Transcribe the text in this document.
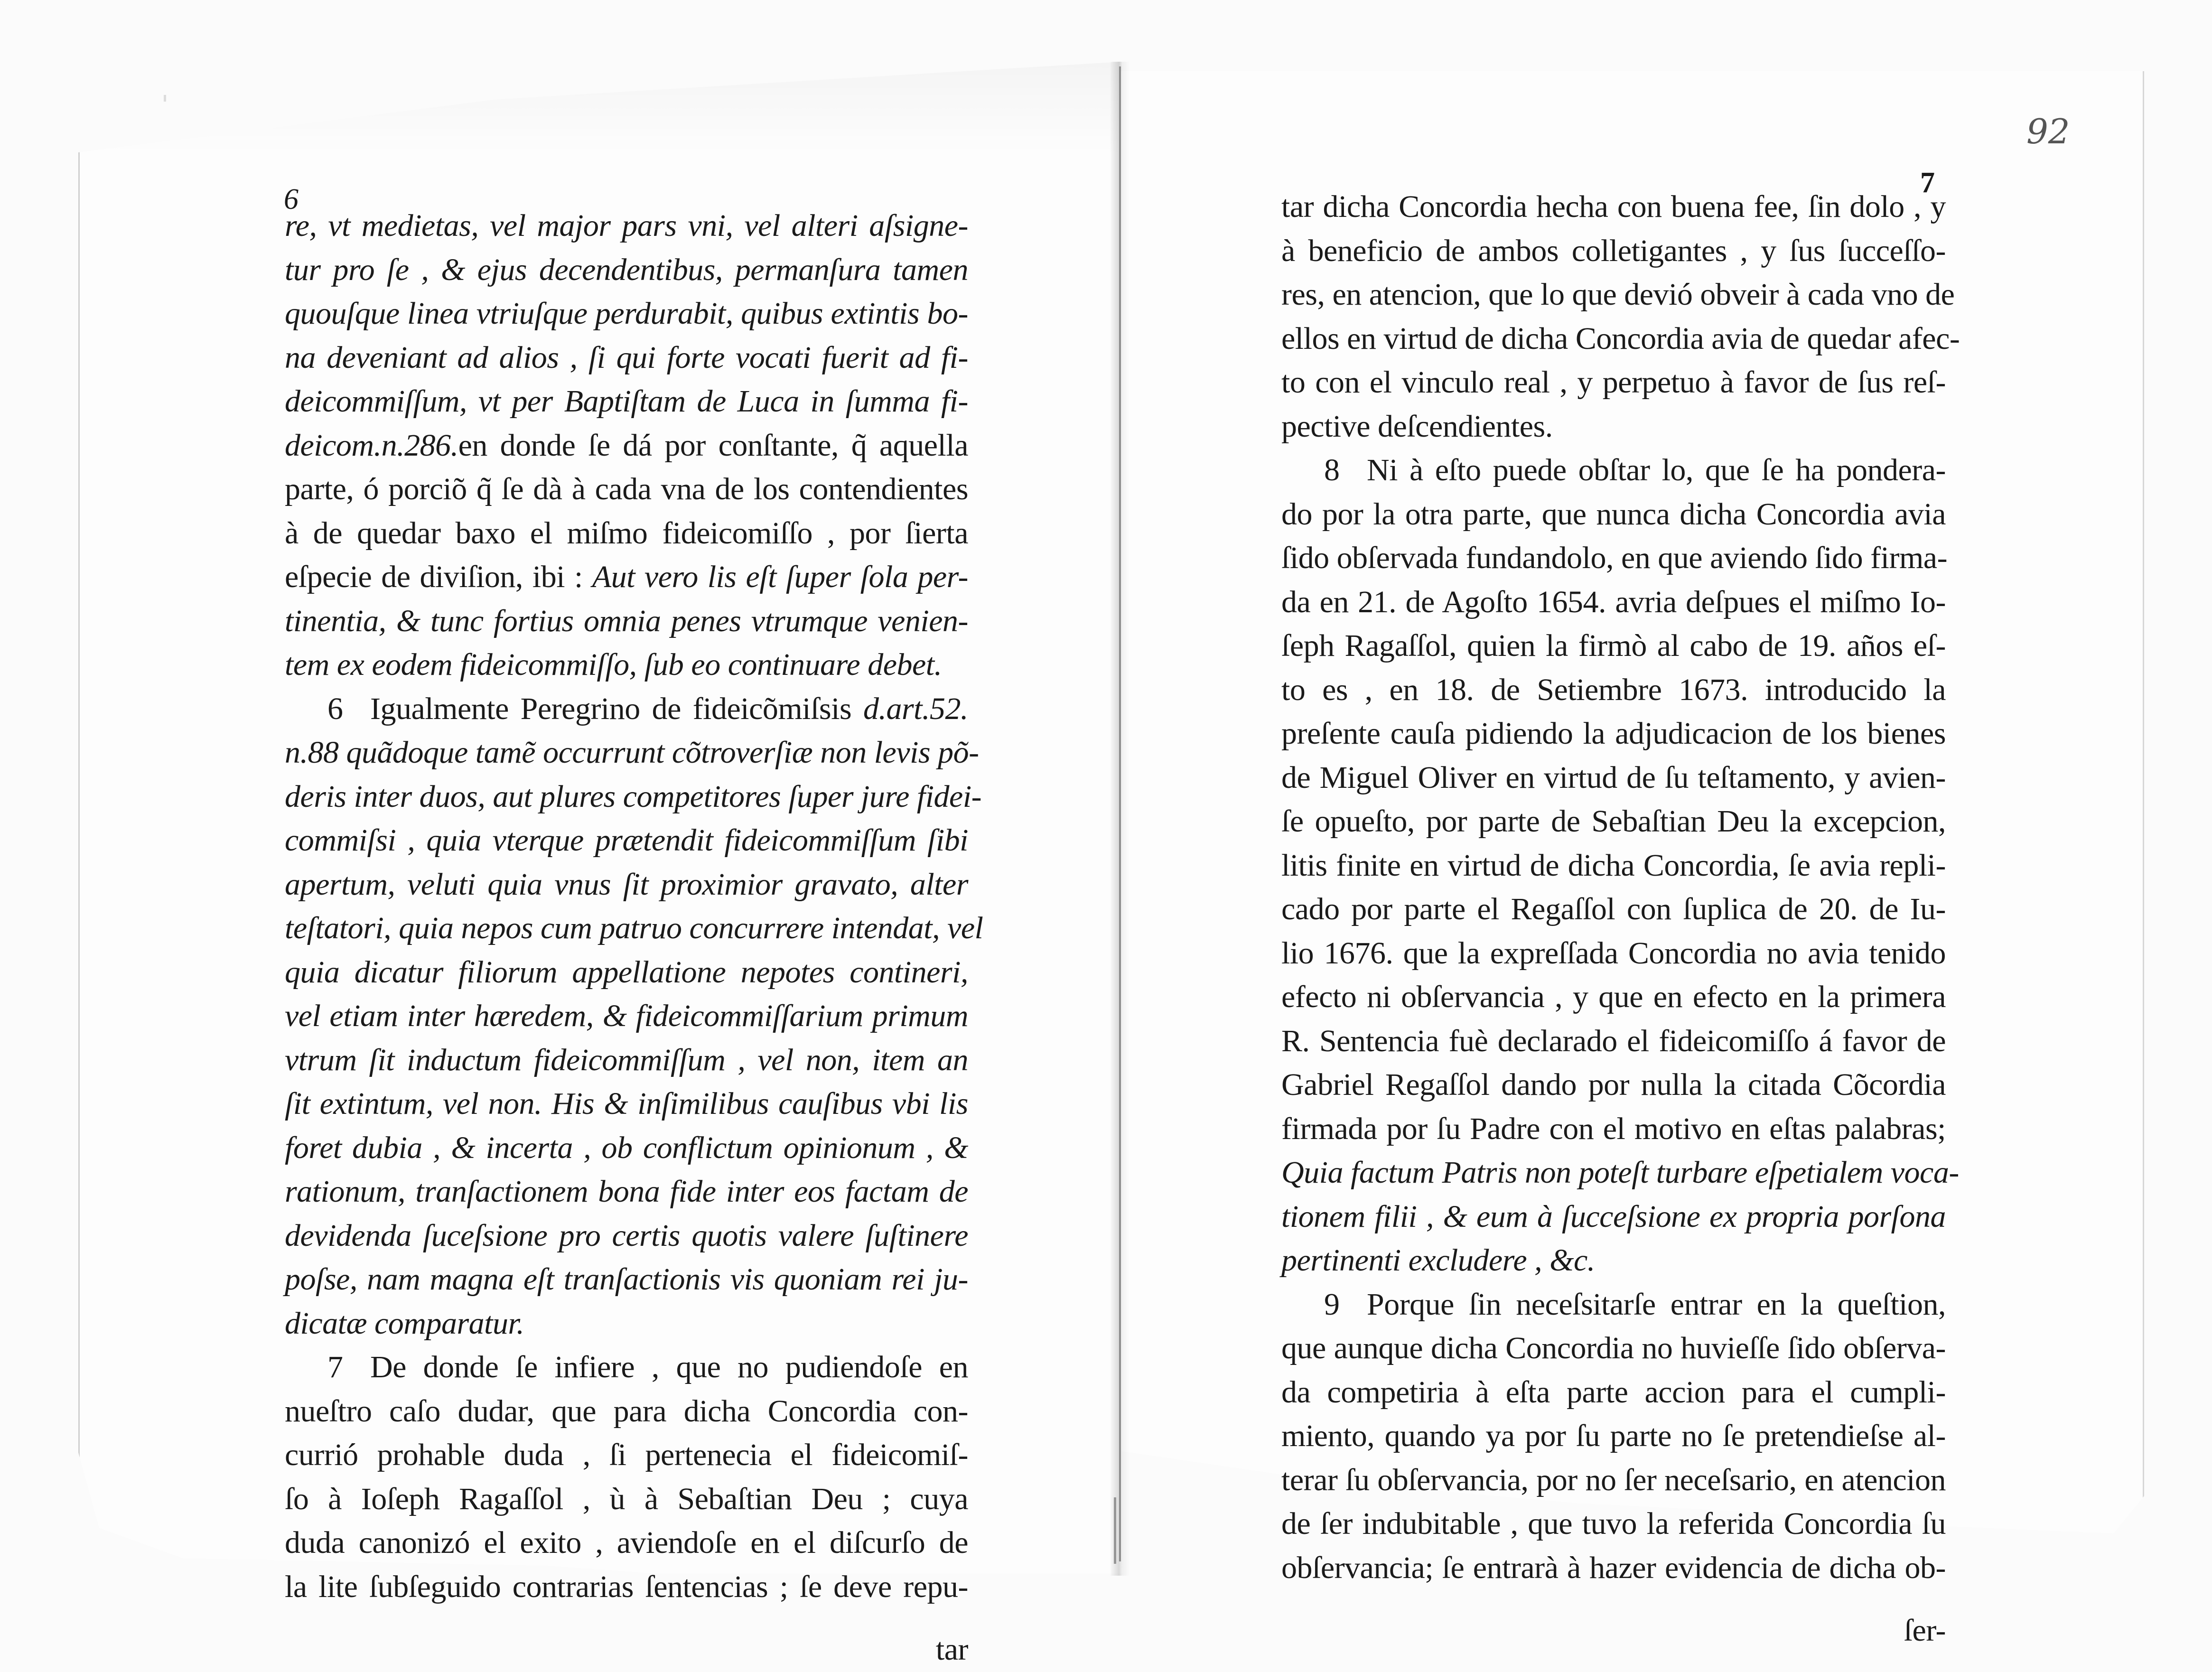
6
7
92
re, vt medietas, vel major pars vni, vel alteri aſsigne-
tur pro ſe , & ejus decendentibus, permanſura tamen
quouſque linea vtriuſque perdurabit, quibus extintis bo-
na deveniant ad alios , ſi qui forte vocati fuerit ad fi-
deicommiſſum, vt per Baptiſtam de Luca in ſumma fi-
deicom.n.286.en donde ſe dá por conſtante, q̃ aquella
parte, ó porciõ q̃ ſe dà à cada vna de los contendientes
à de quedar baxo el miſmo fideicomiſſo , por ſierta
eſpecie de diviſion, ibi : Aut vero lis eſt ſuper ſola per-
tinentia, & tunc fortius omnia penes vtrumque venien-
tem ex eodem fideicommiſſo, ſub eo continuare debet.
6 Igualmente Peregrino de fideicõmiſsis d.art.52.
n.88 quãdoque tamẽ occurrunt cõtroverſiæ non levis põ-
deris inter duos, aut plures competitores ſuper jure fidei-
commiſsi , quia vterque prætendit fideicommiſſum ſibi
apertum, veluti quia vnus ſit proximior gravato, alter
teſtatori, quia nepos cum patruo concurrere intendat, vel
quia dicatur filiorum appellatione nepotes contineri,
vel etiam inter hæredem, & fideicommiſſarium primum
vtrum ſit inductum fideicommiſſum , vel non, item an
ſit extintum, vel non. His & inſimilibus cauſibus vbi lis
foret dubia , & incerta , ob conflictum opinionum , &
rationum, tranſactionem bona fide inter eos factam de
devidenda ſuceſsione pro certis quotis valere ſuſtinere
poſse, nam magna eſt tranſactionis vis quoniam rei ju-
dicatæ comparatur.
7 De donde ſe infiere , que no pudiendoſe en
nueſtro caſo dudar, que para dicha Concordia con-
currió prohable duda , ſi pertenecia el fideicomiſ-
ſo à Ioſeph Ragaſſol , ù à Sebaſtian Deu ; cuya
duda canonizó el exito , aviendoſe en el diſcurſo de
la lite ſubſeguido contrarias ſentencias ; ſe deve repu-
tar
tar dicha Concordia hecha con buena fee, ſin dolo , y
à beneficio de ambos colletigantes , y ſus ſucceſſo-
res, en atencion, que lo que devió obveir à cada vno de
ellos en virtud de dicha Concordia avia de quedar afec-
to con el vinculo real , y perpetuo à favor de ſus reſ-
pective deſcendientes.
8 Ni à eſto puede obſtar lo, que ſe ha pondera-
do por la otra parte, que nunca dicha Concordia avia
ſido obſervada fundandolo, en que aviendo ſido firma-
da en 21. de Agoſto 1654. avria deſpues el miſmo Io-
ſeph Ragaſſol, quien la firmò al cabo de 19. años eſ-
to es , en 18. de Setiembre 1673. introducido la
preſente cauſa pidiendo la adjudicacion de los bienes
de Miguel Oliver en virtud de ſu teſtamento, y avien-
ſe opueſto, por parte de Sebaſtian Deu la excepcion,
litis finite en virtud de dicha Concordia, ſe avia repli-
cado por parte el Regaſſol con ſuplica de 20. de Iu-
lio 1676. que la expreſſada Concordia no avia tenido
efecto ni obſervancia , y que en efecto en la primera
R. Sentencia fuè declarado el fideicomiſſo á favor de
Gabriel Regaſſol dando por nulla la citada Cõcordia
firmada por ſu Padre con el motivo en eſtas palabras;
Quia factum Patris non poteſt turbare eſpetialem voca-
tionem filii , & eum à ſucceſsione ex propria porſona
pertinenti excludere , &c.
9 Porque ſin neceſsitarſe entrar en la queſtion,
que aunque dicha Concordia no huvieſſe ſido obſerva-
da competiria à eſta parte accion para el cumpli-
miento, quando ya por ſu parte no ſe pretendieſse al-
terar ſu obſervancia, por no ſer neceſsario, en atencion
de ſer indubitable , que tuvo la referida Concordia ſu
obſervancia; ſe entrarà à hazer evidencia de dicha ob-
ſer-
